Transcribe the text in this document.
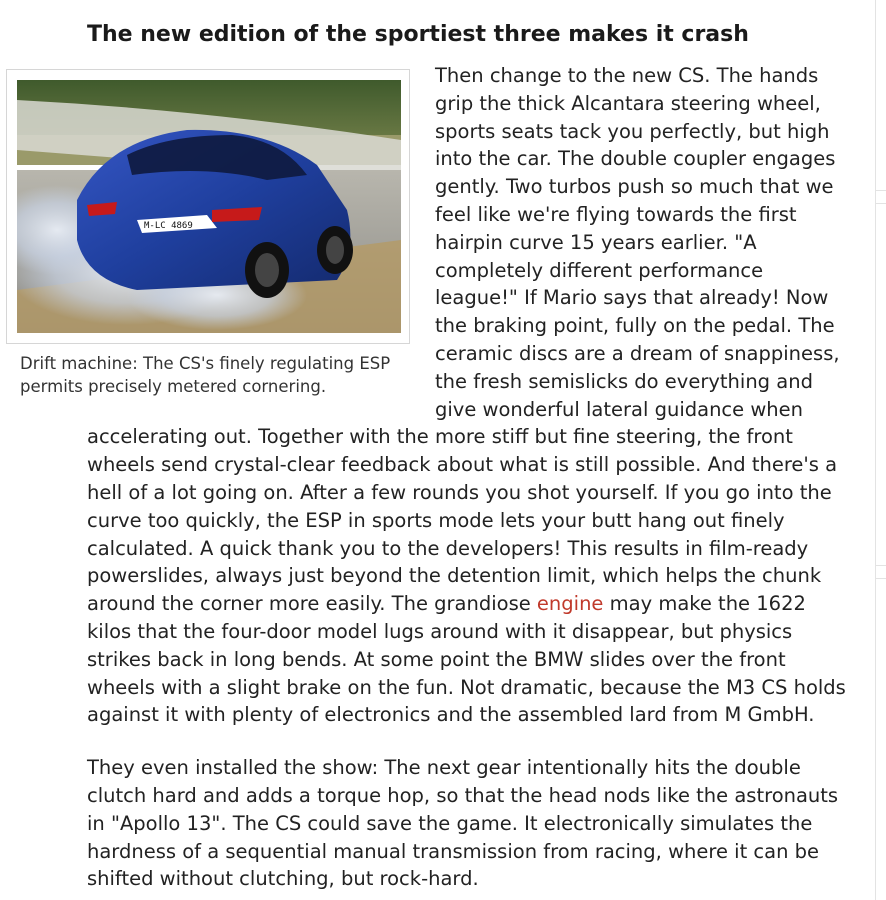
The new edition of the sportiest three makes it crash
M-LC 4869
Drift machine: The CS's finely regulating ESP permits precisely metered cornering.

Then change to the new CS. The hands grip the thick Alcantara steering wheel, sports seats tack you perfectly, but high into the car. The double coupler engages gently. Two turbos push so much that we feel like we're flying towards the first hairpin curve 15 years earlier. "A completely different performance league!" If Mario says that already! Now the braking point, fully on the pedal. The ceramic discs are a dream of snappiness, the fresh semislicks do everything and give wonderful lateral guidance when accelerating out. Together with the more stiff but fine steering, the front wheels send crystal-clear feedback about what is still possible. And there's a hell of a lot going on. After a few rounds you shot yourself. If you go into the curve too quickly, the ESP in sports mode lets your butt hang out finely calculated. A quick thank you to the developers! This results in film-ready powerslides, always just beyond the detention limit, which helps the chunk around the corner more easily. The grandiose engine may make the 1622 kilos that the four-door model lugs around with it disappear, but physics strikes back in long bends. At some point the BMW slides over the front wheels with a slight brake on the fun. Not dramatic, because the M3 CS holds against it with plenty of electronics and the assembled lard from M GmbH.

They even installed the show: The next gear intentionally hits the double clutch hard and adds a torque hop, so that the head nods like the astronauts in "Apollo 13". The CS could save the game. It electronically simulates the hardness of a sequential manual transmission from racing, where it can be shifted without clutching, but rock-hard.
